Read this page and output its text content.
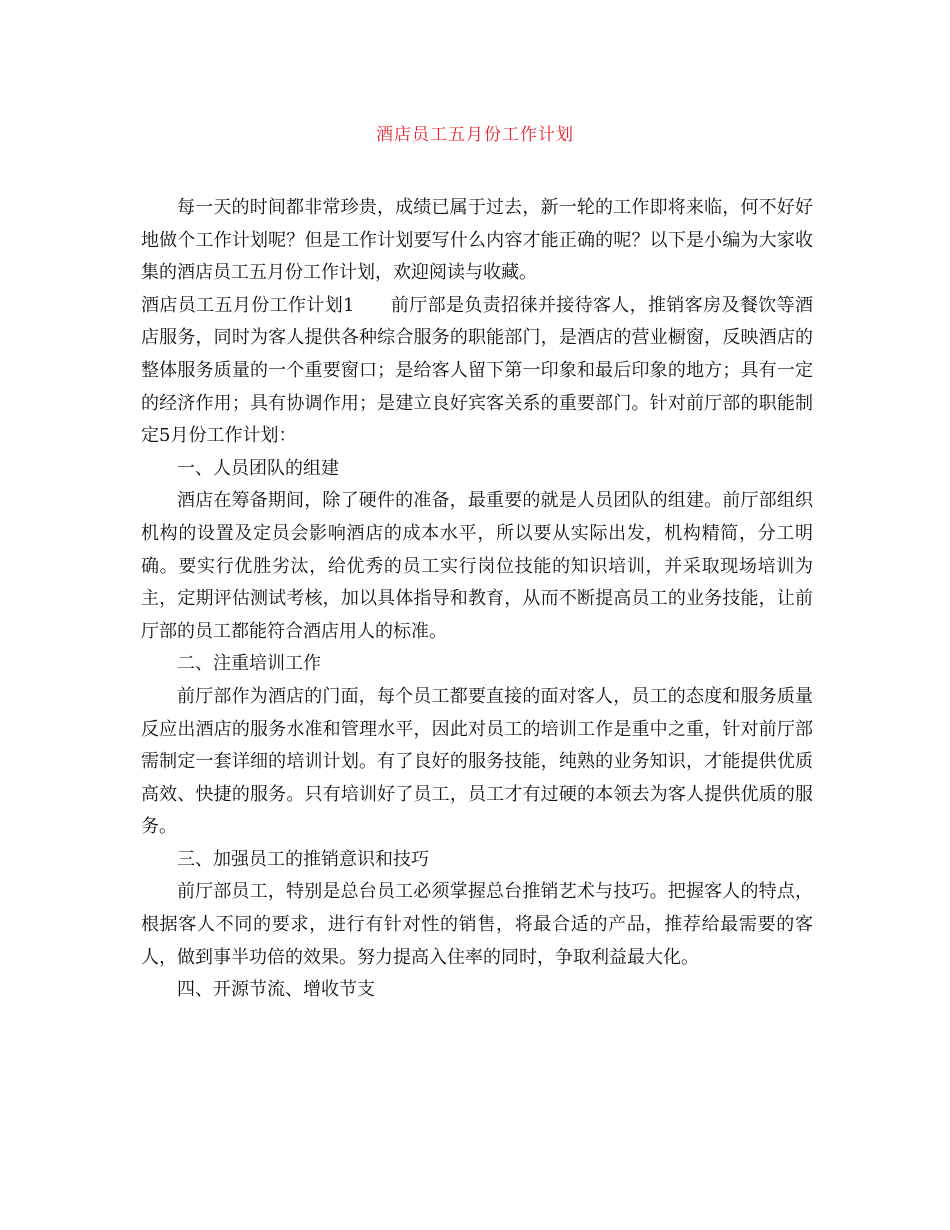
酒店员工五月份工作计划

每一天的时间都非常珍贵，成绩已属于过去，新一轮的工作即将来临，何不好好地做个工作计划呢？但是工作计划要写什么内容才能正确的呢？以下是小编为大家收集的酒店员工五月份工作计划，欢迎阅读与收藏。

酒店员工五月份工作计划1 前厅部是负责招徕并接待客人，推销客房及餐饮等酒店服务，同时为客人提供各种综合服务的职能部门，是酒店的营业橱窗，反映酒店的整体服务质量的一个重要窗口；是给客人留下第一印象和最后印象的地方；具有一定的经济作用；具有协调作用；是建立良好宾客关系的重要部门。针对前厅部的职能制定5月份工作计划：

一、人员团队的组建

酒店在筹备期间，除了硬件的准备，最重要的就是人员团队的组建。前厅部组织机构的设置及定员会影响酒店的成本水平，所以要从实际出发，机构精简，分工明确。要实行优胜劣汰，给优秀的员工实行岗位技能的知识培训，并采取现场培训为主，定期评估测试考核，加以具体指导和教育，从而不断提高员工的业务技能，让前厅部的员工都能符合酒店用人的标准。

二、注重培训工作

前厅部作为酒店的门面，每个员工都要直接的面对客人，员工的态度和服务质量反应出酒店的服务水准和管理水平，因此对员工的培训工作是重中之重，针对前厅部需制定一套详细的培训计划。有了良好的服务技能，纯熟的业务知识，才能提供优质高效、快捷的服务。只有培训好了员工，员工才有过硬的本领去为客人提供优质的服务。

三、加强员工的推销意识和技巧

前厅部员工，特别是总台员工必须掌握总台推销艺术与技巧。把握客人的特点，根据客人不同的要求，进行有针对性的销售，将最合适的产品，推荐给最需要的客人，做到事半功倍的效果。努力提高入住率的同时，争取利益最大化。

四、开源节流、增收节支
